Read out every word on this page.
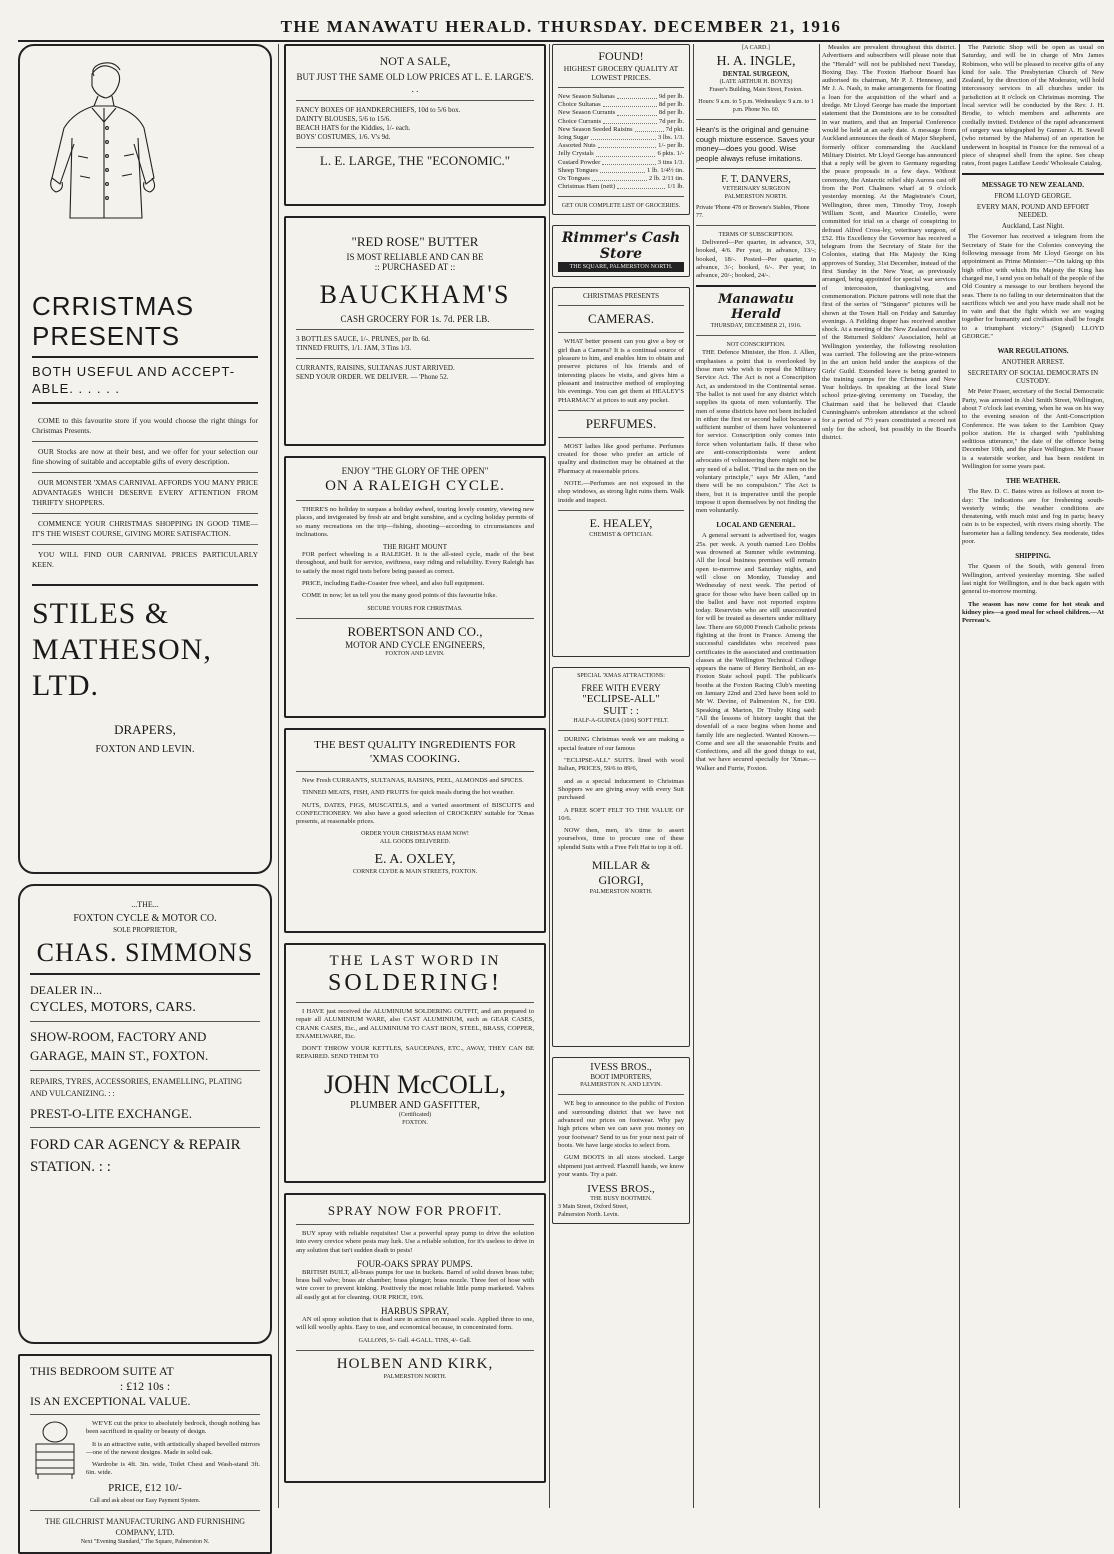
THE MANAWATU HERALD. THURSDAY. DECEMBER 21, 1916
CRRISTMAS
PRESENTS
BOTH USEFUL AND ACCEPT-ABLE. . . . . .

COME to this favourite store if you would choose the right things for Christmas Presents.

OUR Stocks are now at their best, and we offer for your selection our fine showing of suitable and acceptable gifts of every description.

OUR MONSTER 'XMAS CARNIVAL AFFORDS YOU MANY PRICE ADVANTAGES WHICH DESERVE EVERY ATTENTION FROM THRIFTY SHOPPERS.

COMMENCE YOUR CHRISTMAS SHOPPING IN GOOD TIME—IT'S THE WISEST COURSE, GIVING MORE SATISFACTION.

YOU WILL FIND OUR CARNIVAL PRICES PARTICULARLY KEEN.

STILES &
MATHESON, LTD.
DRAPERS,
FOXTON AND LEVIN.
...THE...
FOXTON CYCLE & MOTOR CO.
SOLE PROPRIETOR,
CHAS. SIMMONS
DEALER IN...
CYCLES, MOTORS, CARS.
SHOW-ROOM, FACTORY AND GARAGE, MAIN ST., FOXTON.
REPAIRS, TYRES, ACCESSORIES, ENAMELLING, PLATING AND VULCANIZING. : :
PREST-O-LITE EXCHANGE.
FORD CAR AGENCY & REPAIR STATION. : :
THIS BEDROOM SUITE AT
: £12 10s :
IS AN EXCEPTIONAL VALUE.

WE'VE cut the price to absolutely bedrock, though nothing has been sacrificed in quality or beauty of design.

It is an attractive suite, with artistically shaped bevelled mirrors—one of the newest designs. Made in solid oak.

Wardrobe is 4ft. 3in. wide, Toilet Chest and Wash-stand 3ft. 6in. wide.

PRICE, £12 10/-
Call and ask about our Easy Payment System.
THE GILCHRIST MANUFACTURING AND FURNISHING COMPANY, LTD.
Next "Evening Standard," The Square, Palmerston N.
NOT A SALE,
BUT JUST THE SAME OLD LOW PRICES AT L. E. LARGE'S. . .
FANCY BOXES OF HANDKERCHIEFS, 10d to 5/6 box.
DAINTY BLOUSES, 5/6 to 15/6.
BEACH HATS for the Kiddies, 1/- each.
BOYS' COSTUMES, 1/6. V's 9d.
L. E. LARGE, THE "ECONOMIC."
"RED ROSE" BUTTER
IS MOST RELIABLE AND CAN BE
:: PURCHASED AT ::
BAUCKHAM'S
CASH GROCERY FOR 1s. 7d. PER LB.
3 BOTTLES SAUCE, 1/-. PRUNES, per lb. 6d.
TINNED FRUITS, 1/1. JAM, 3 Tins 1/3.
CURRANTS, RAISINS, SULTANAS JUST ARRIVED.
SEND YOUR ORDER. WE DELIVER. — 'Phone 52.
ENJOY "THE GLORY OF THE OPEN"
ON A RALEIGH CYCLE.

THERE'S no holiday to surpass a holiday awheel, touring lovely country, viewing new places, and invigorated by fresh air and bright sunshine, and a cycling holiday permits of so many recreations on the trip—fishing, shooting—according to circumstances and inclinations.

THE RIGHT MOUNT

FOR perfect wheeling is a RALEIGH. It is the all-steel cycle, made of the best throughout, and built for service, swiftness, easy riding and reliability. Every Raleigh has to satisfy the most rigid tests before being passed as correct.

PRICE, including Eadie-Coaster free wheel, and also full equipment.

COME in now; let us tell you the many good points of this favourite bike.

SECURE YOURS FOR CHRISTMAS.
ROBERTSON AND CO.,
MOTOR AND CYCLE ENGINEERS,
FOXTON AND LEVIN.
THE BEST QUALITY INGREDIENTS FOR 'XMAS COOKING.

New Fresh CURRANTS, SULTANAS, RAISINS, PEEL, ALMONDS and SPICES.

TINNED MEATS, FISH, AND FRUITS for quick meals during the hot weather.

NUTS, DATES, FIGS, MUSCATELS, and a varied assortment of BISCUITS and CONFECTIONERY. We also have a good selection of CROCKERY suitable for 'Xmas presents, at reasonable prices.

ORDER YOUR CHRISTMAS HAM NOW!
ALL GOODS DELIVERED.
E. A. OXLEY,
CORNER CLYDE & MAIN STREETS, FOXTON.
THE LAST WORD IN
SOLDERING!

I HAVE just received the ALUMINIUM SOLDERING OUTFIT, and am prepared to repair all ALUMINIUM WARE, also CAST ALUMINIUM, such as GEAR CASES, CRANK CASES, Etc., and ALUMINIUM TO CAST IRON, STEEL, BRASS, COPPER, ENAMELWARE, Etc.

DON'T THROW YOUR KETTLES, SAUCEPANS, ETC., AWAY, THEY CAN BE REPAIRED. SEND THEM TO

JOHN McCOLL,
PLUMBER AND GASFITTER,
(Certificated)
FOXTON.
SPRAY NOW FOR PROFIT.

BUY spray with reliable requisites! Use a powerful spray pump to drive the solution into every crevice where pests may lurk. Use a reliable solution, for it's useless to drive in any solution that isn't sudden death to pests!

FOUR-OAKS SPRAY PUMPS.

BRITISH BUILT, all-brass pumps for use in buckets. Barrel of solid drawn brass tube; brass ball valve; brass air chamber; brass plunger; brass nozzle. Three feet of hose with wire cover to prevent kinking. Positively the most reliable little pump marketed. Valves all easily got at for cleaning. OUR PRICE, 19/6.

HARBUS SPRAY,

AN oil spray solution that is dead sure in action on mussel scale. Applied three to one, will kill woolly aphis. Easy to use, and economical because, in concentrated form.

GALLONS, 5/- Gall. 4-GALL. TINS, 4/- Gall.
HOLBEN AND KIRK,
PALMERSTON NORTH.
FOUND!
HIGHEST GROCERY QUALITY AT LOWEST PRICES.
New Season Sultanas	9d per lb.
Choice Sultanas	8d per lb.
New Season Currants	8d per lb.
Choice Currants	7d per lb.
New Season Seeded Raisins	7d pkt.
Icing Sugar	3 lbs. 1/3.
Assorted Nuts	1/- per lb.
Jelly Crystals	6 pkts. 1/-
Custard Powder	3 tins 1/3.
Sheep Tongues	1 lb. 1/4½ tin.
Ox Tongues	2 lb. 2/11 tin.
Christmas Ham (nett)	1/1 lb.
GET OUR COMPLETE LIST OF GROCERIES.
Rimmer's Cash Store
THE SQUARE, PALMERSTON NORTH.
CHRISTMAS PRESENTS
CAMERAS.

WHAT better present can you give a boy or girl than a Camera? It is a continual source of pleasure to him, and enables him to obtain and preserve pictures of his friends and of interesting places he visits, and gives him a pleasant and instructive method of employing his evenings. You can get them at HEALEY'S PHARMACY at prices to suit any pocket.

PERFUMES.

MOST ladies like good perfume. Perfumes created for those who prefer an article of quality and distinction may be obtained at the Pharmacy at reasonable prices.

NOTE.—Perfumes are not exposed in the shop windows, as strong light ruins them. Walk inside and inspect.

E. HEALEY,
CHEMIST & OPTICIAN.
SPECIAL 'XMAS ATTRACTIONS:
FREE WITH EVERY
"ECLIPSE-ALL"
SUIT : :
HALF-A-GUINEA (10/6) SOFT FELT.

DURING Christmas week we are making a special feature of our famous

"ECLIPSE-ALL" SUITS. lined with wool Italian, PRICES, 59/6 to 89/6,

and as a special inducement to Christmas Shoppers we are giving away with every Suit purchased

A FREE SOFT FELT TO THE VALUE OF 10/6.

NOW then, men, it's time to assert yourselves, time to procure one of these splendid Suits with a Free Felt Hat to top it off.

MILLAR &
GIORGI,
PALMERSTON NORTH.
IVESS BROS.,
BOOT IMPORTERS,
PALMERSTON N. AND LEVIN.

WE beg to announce to the public of Foxton and surrounding district that we have not advanced our prices on footwear. Why pay high prices when we can save you money on your footwear? Send to us for your next pair of boots. We have large stocks to select from.

GUM BOOTS in all sizes stocked. Large shipment just arrived. Flaxmill hands, we know your wants. Try a pair.

IVESS BROS.,
THE BUSY BOOTMEN.
3 Main Street, Oxford Street,
Palmerston North. Levin.
[A CARD.]
H. A. INGLE,
DENTAL SURGEON,
(LATE ARTHUR H. BOYES)
Fraser's Building, Main Street, Foxton.
Hours: 9 a.m. to 5 p.m. Wednesdays: 9 a.m. to 1 p.m. Phone No. 60.
Hean's is the original and genuine cough mixture essence. Saves your money—does you good. Wise people always refuse imitations.
F. T. DANVERS,
VETERINARY SURGEON
PALMERSTON NORTH.
Private 'Phone 478 or Browne's Stables, 'Phone 77.
TERMS OF SUBSCRIPTION.

Delivered—Per quarter, in advance, 3/3, booked, 4/6. Per year, in advance, 13/-; booked, 18/-. Posted—Per quarter, in advance, 3/-; booked, 6/-. Per year, in advance, 20/-; booked, 24/-.

Manawatu Herald
THURSDAY, DECEMBER 21, 1916.
NOT CONSCRIPTION.

THE Defence Minister, the Hon. J. Allen, emphasises a point that is overlooked by those men who wish to repeal the Military Service Act. The Act is not a Conscription Act, as understood in the Continental sense. The ballot is not used for any district which supplies its quota of men voluntarily. The men of some districts have not been included in either the first or second ballot because a sufficient number of them have volunteered for service. Conscription only comes into force when voluntarism fails. If these who are anti-conscriptionists were ardent advocates of volunteering there might not be any need of a ballot. "Find us the men on the voluntary principle," says Mr Allen, "and there will be no compulsion." The Act is there, but it is imperative until the people impose it upon themselves by not finding the men voluntarily.

LOCAL AND GENERAL.

A general servant is advertised for, wages 25s. per week. A youth named Leo Dobbs was drowned at Sumner while swimming. All the local business premises will remain open to-morrow and Saturday nights, and will close on Monday, Tuesday and Wednesday of next week. The period of grace for those who have been called up in the ballot and have not reported expires today. Reservists who are still unaccounted for will be treated as deserters under military law. There are 60,000 French Catholic priests fighting at the front in France. Among the successful candidates who received pass certificates in the associated and continuation classes at the Wellington Technical College appears the name of Henry Berthold, an ex-Foxton State school pupil. The publican's booths at the Foxton Racing Club's meeting on January 22nd and 23rd have been sold to Mr W. Devine, of Palmerston N., for £90. Speaking at Marton, Dr Truby King said: "All the lessons of history taught that the downfall of a race begins when home and family life are neglected. Wanted Known.—Come and see all the seasonable Fruits and Confections, and all the good things to eat, that we have secured specially for 'Xmas.—Walker and Furrie, Foxton.

Measles are prevalent throughout this district. Advertisers and subscribers will please note that the "Herald" will not be published next Tuesday, Boxing Day. The Foxton Harbour Board has authorised its chairman, Mr P. J. Hennessy, and Mr J. A. Nash, to make arrangements for floating a loan for the acquisition of the wharf and a dredge. Mr Lloyd George has made the important statement that the Dominions are to be consulted in war matters, and that an Imperial Conference would be held at an early date. A message from Auckland announces the death of Major Shepherd, formerly officer commanding the Auckland Military District. Mr Lloyd George has announced that a reply will be given to Germany regarding the peace proposals in a few days. Without ceremony, the Antarctic relief ship Aurora cast off from the Port Chalmers wharf at 9 o'clock yesterday morning. At the Magistrate's Court, Wellington, three men, Timothy Troy, Joseph William Scott, and Maurice Costello, were committed for trial on a charge of conspiring to defraud Alfred Cross-ley, veterinary surgeon, of £52. His Excellency the Governor has received a telegram from the Secretary of State for the Colonies, stating that His Majesty the King approves of Sunday, 31st December, instead of the first Sunday in the New Year, as previously arranged, being appointed for special war services of intercession, thanksgiving, and commemoration. Picture patrons will note that the first of the series of "Stingaree" pictures will be shown at the Town Hall on Friday and Saturday evenings. A Feilding draper has received another shock. At a meeting of the New Zealand executive of the Returned Soldiers' Association, held at Wellington yesterday, the following resolution was carried. The following are the prize-winners in the art union held under the auspices of the Girls' Guild. Extended leave is being granted to the training camps for the Christmas and New Year holidays. In speaking at the local State school prize-giving ceremony on Tuesday, the Chairman said that he believed that Claude Cunningham's unbroken attendance at the school for a period of 7½ years constituted a record not only for the school, but possibly in the Board's district.

The Patriotic Shop will be open as usual on Saturday, and will be in charge of Mrs James Robinson, who will be pleased to receive gifts of any kind for sale. The Presbyterian Church of New Zealand, by the direction of the Moderator, will hold intercessory services in all churches under its jurisdiction at 8 o'clock on Christmas morning. The local service will be conducted by the Rev. J. H. Brodie, to which members and adherents are cordially invited. Evidence of the rapid advancement of surgery was telegraphed by Gunner A. H. Sewell (who returned by the Mahema) of an operation he underwent in hospital in France for the removal of a piece of shrapnel shell from the spine. See cheap rates, front pages Laidlaw Leeds' Wholesale Catalog.

MESSAGE TO NEW ZEALAND.
FROM LLOYD GEORGE.
EVERY MAN, POUND AND EFFORT NEEDED.
Auckland, Last Night.

The Governor has received a telegram from the Secretary of State for the Colonies conveying the following message from Mr Lloyd George on his appointment as Prime Minister:—"On taking up this high office with which His Majesty the King has charged me, I send you on behalf of the people of the Old Country a message to our brothers beyond the seas. There is no failing in our determination that the sacrifices which we and you have made shall not be in vain and that the fight which we are waging together for humanity and civilisation shall be fought to a triumphant victory." (Signed) LLOYD GEORGE."

WAR REGULATIONS.
ANOTHER ARREST.
SECRETARY OF SOCIAL DEMOCRATS IN CUSTODY.

Mr Peter Fraser, secretary of the Social Democratic Party, was arrested in Abel Smith Street, Wellington, about 7 o'clock last evening, when he was on his way to the evening session of the Anti-Conscription Conference. He was taken to the Lambton Quay police station. He is charged with "publishing seditious utterance," the date of the offence being December 10th, and the place Wellington. Mr Fraser is a waterside worker, and has been resident in Wellington for some years past.

THE WEATHER.

The Rev. D. C. Bates wires as follows at noon to-day: The indications are for freshening south-westerly winds; the weather conditions are threatening, with much mist and fog in parts; heavy rain is to be expected, with rivers rising shortly. The barometer has a falling tendency. Sea moderate, tides poor.

SHIPPING.

The Queen of the South, with general from Wellington, arrived yesterday morning. She sailed last night for Wellington, and is due back again with general to-morrow morning.

The season has now come for hot steak and kidney pies—a good meal for school children.—At Perreau's.
